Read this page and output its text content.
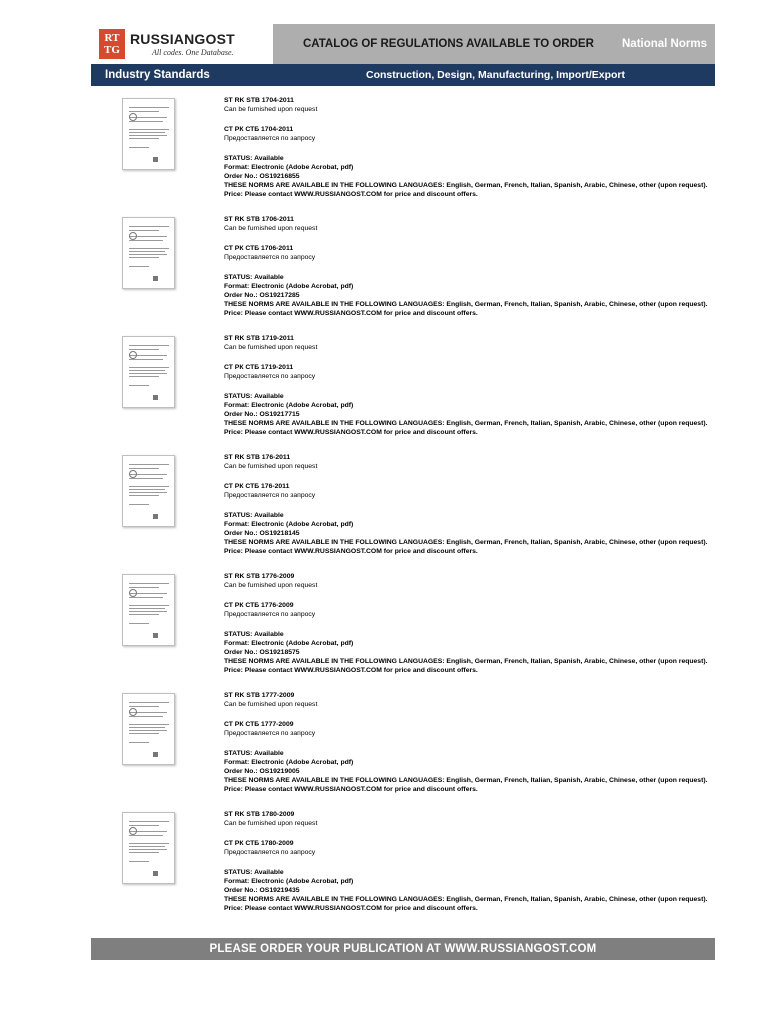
RT
TG
RUSSIANGOST
All codes. One Database.
CATALOG OF REGULATIONS AVAILABLE TO ORDER National Norms
Industry Standards	Construction, Design, Manufacturing, Import/Export
ST RK STB 1704-2011
Can be furnished upon request
СТ РК СТБ 1704-2011
Предоставляется по запросу
STATUS: Available
Format: Electronic (Adobe Acrobat, pdf)
Order No.: OS19216855
THESE NORMS ARE AVAILABLE IN THE FOLLOWING LANGUAGES: English, German, French, Italian, Spanish, Arabic, Chinese, other (upon request).
Price: Please contact WWW.RUSSIANGOST.COM for price and discount offers.
ST RK STB 1706-2011
Can be furnished upon request
СТ РК СТБ 1706-2011
Предоставляется по запросу
STATUS: Available
Format: Electronic (Adobe Acrobat, pdf)
Order No.: OS19217285
THESE NORMS ARE AVAILABLE IN THE FOLLOWING LANGUAGES: English, German, French, Italian, Spanish, Arabic, Chinese, other (upon request).
Price: Please contact WWW.RUSSIANGOST.COM for price and discount offers.
ST RK STB 1719-2011
Can be furnished upon request
СТ РК СТБ 1719-2011
Предоставляется по запросу
STATUS: Available
Format: Electronic (Adobe Acrobat, pdf)
Order No.: OS19217715
THESE NORMS ARE AVAILABLE IN THE FOLLOWING LANGUAGES: English, German, French, Italian, Spanish, Arabic, Chinese, other (upon request).
Price: Please contact WWW.RUSSIANGOST.COM for price and discount offers.
ST RK STB 176-2011
Can be furnished upon request
СТ РК СТБ 176-2011
Предоставляется по запросу
STATUS: Available
Format: Electronic (Adobe Acrobat, pdf)
Order No.: OS19218145
THESE NORMS ARE AVAILABLE IN THE FOLLOWING LANGUAGES: English, German, French, Italian, Spanish, Arabic, Chinese, other (upon request).
Price: Please contact WWW.RUSSIANGOST.COM for price and discount offers.
ST RK STB 1776-2009
Can be furnished upon request
СТ РК СТБ 1776-2009
Предоставляется по запросу
STATUS: Available
Format: Electronic (Adobe Acrobat, pdf)
Order No.: OS19218575
THESE NORMS ARE AVAILABLE IN THE FOLLOWING LANGUAGES: English, German, French, Italian, Spanish, Arabic, Chinese, other (upon request).
Price: Please contact WWW.RUSSIANGOST.COM for price and discount offers.
ST RK STB 1777-2009
Can be furnished upon request
СТ РК СТБ 1777-2009
Предоставляется по запросу
STATUS: Available
Format: Electronic (Adobe Acrobat, pdf)
Order No.: OS19219005
THESE NORMS ARE AVAILABLE IN THE FOLLOWING LANGUAGES: English, German, French, Italian, Spanish, Arabic, Chinese, other (upon request).
Price: Please contact WWW.RUSSIANGOST.COM for price and discount offers.
ST RK STB 1780-2009
Can be furnished upon request
СТ РК СТБ 1780-2009
Предоставляется по запросу
STATUS: Available
Format: Electronic (Adobe Acrobat, pdf)
Order No.: OS19219435
THESE NORMS ARE AVAILABLE IN THE FOLLOWING LANGUAGES: English, German, French, Italian, Spanish, Arabic, Chinese, other (upon request).
Price: Please contact WWW.RUSSIANGOST.COM for price and discount offers.
PLEASE ORDER YOUR PUBLICATION AT WWW.RUSSIANGOST.COM
